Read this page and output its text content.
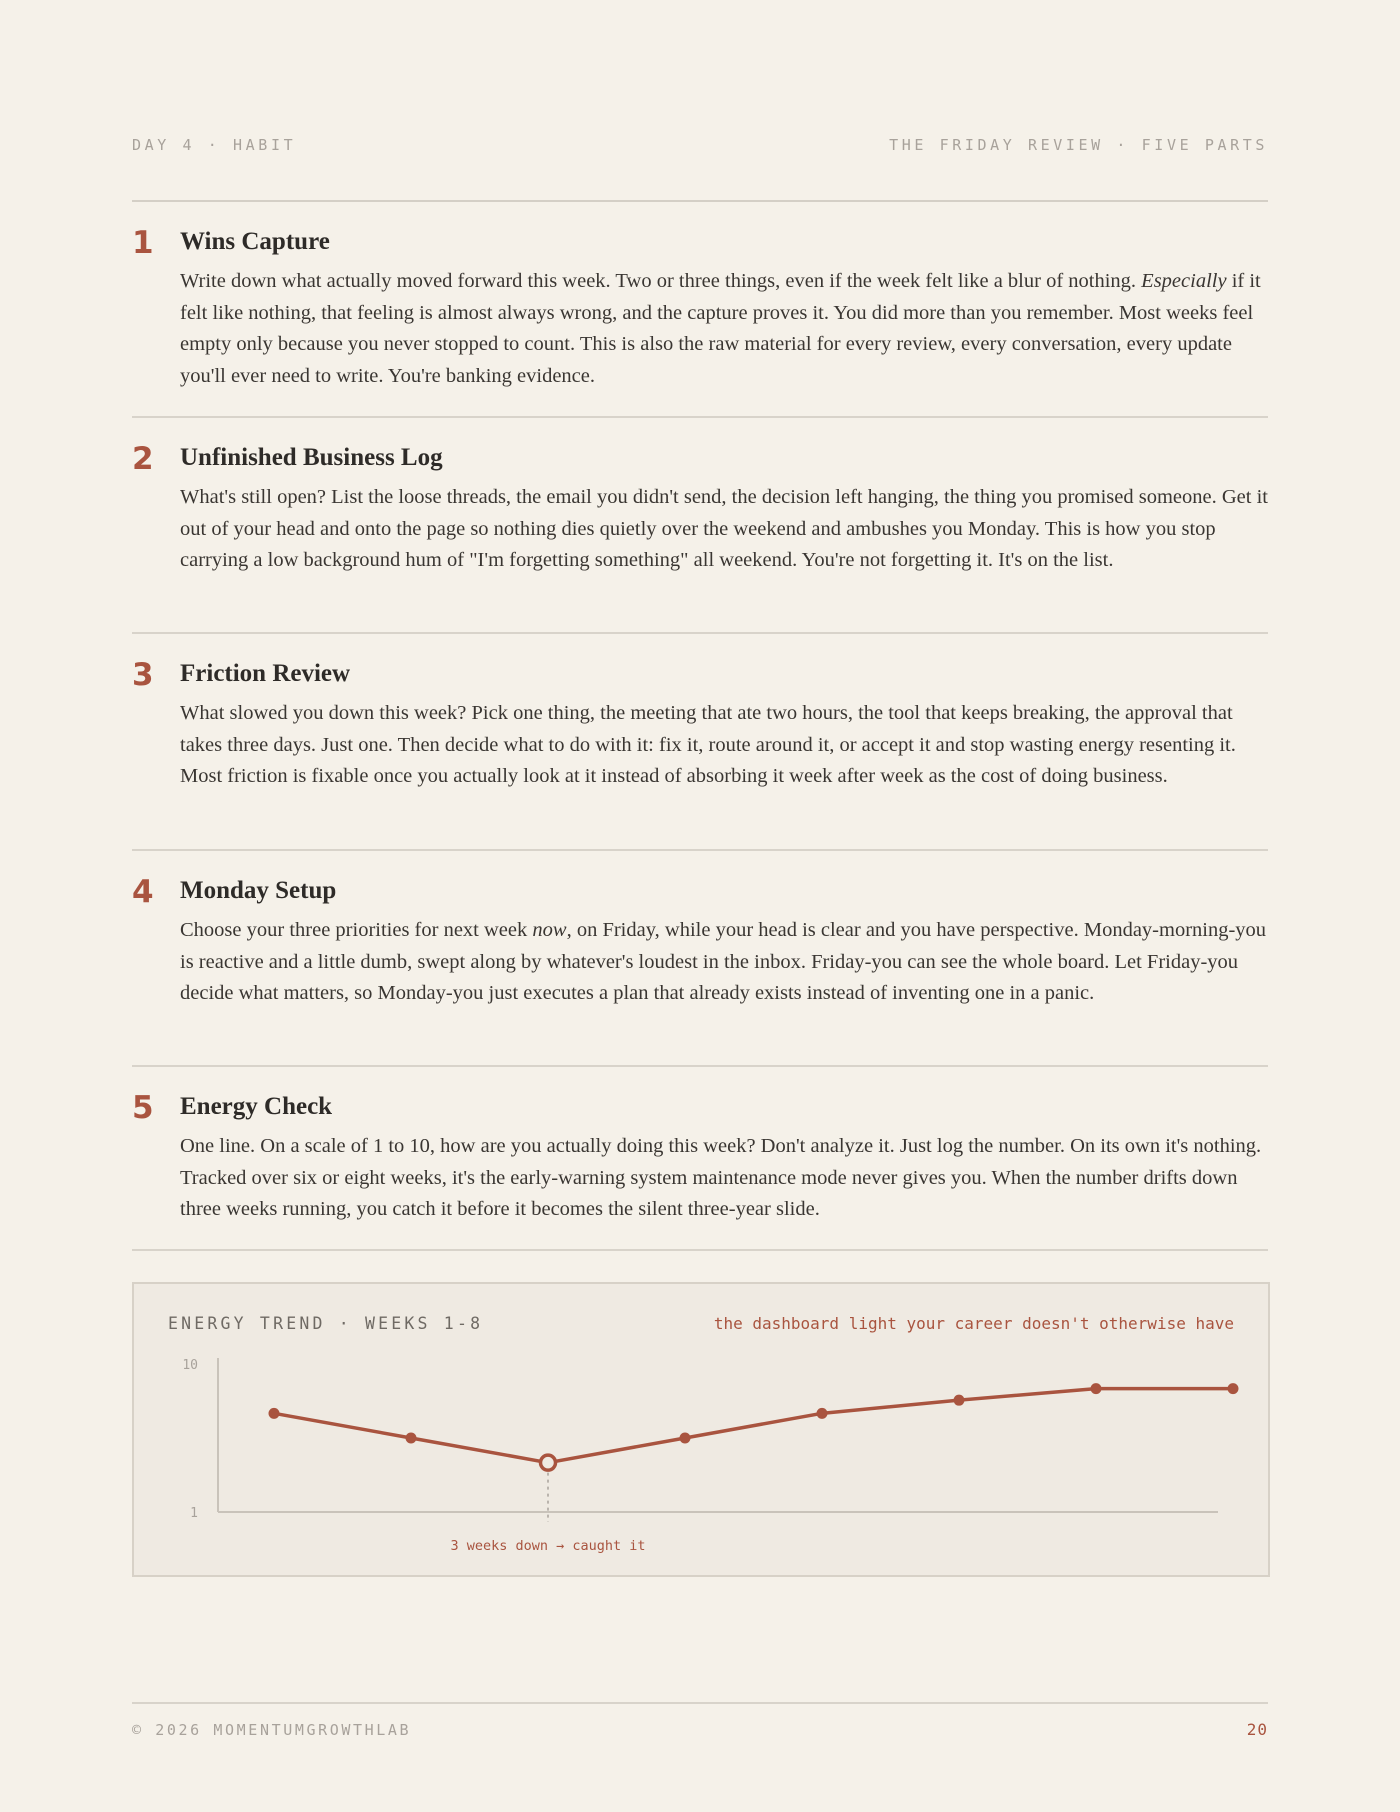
DAY 4 · HABIT	THE FRIDAY REVIEW · FIVE PARTS
1 Wins Capture
Write down what actually moved forward this week. Two or three things, even if the week felt like a blur of nothing. Especially if it felt like nothing, that feeling is almost always wrong, and the capture proves it. You did more than you remember. Most weeks feel empty only because you never stopped to count. This is also the raw material for every review, every conversation, every update you'll ever need to write. You're banking evidence.
2 Unfinished Business Log
What's still open? List the loose threads, the email you didn't send, the decision left hanging, the thing you promised someone. Get it out of your head and onto the page so nothing dies quietly over the weekend and ambushes you Monday. This is how you stop carrying a low background hum of "I'm forgetting something" all weekend. You're not forgetting it. It's on the list.
3 Friction Review
What slowed you down this week? Pick one thing, the meeting that ate two hours, the tool that keeps breaking, the approval that takes three days. Just one. Then decide what to do with it: fix it, route around it, or accept it and stop wasting energy resenting it. Most friction is fixable once you actually look at it instead of absorbing it week after week as the cost of doing business.
4 Monday Setup
Choose your three priorities for next week now, on Friday, while your head is clear and you have perspective. Monday-morning-you is reactive and a little dumb, swept along by whatever's loudest in the inbox. Friday-you can see the whole board. Let Friday-you decide what matters, so Monday-you just executes a plan that already exists instead of inventing one in a panic.
5 Energy Check
One line. On a scale of 1 to 10, how are you actually doing this week? Don't analyze it. Just log the number. On its own it's nothing. Tracked over six or eight weeks, it's the early-warning system maintenance mode never gives you. When the number drifts down three weeks running, you catch it before it becomes the silent three-year slide.
ENERGY TREND · WEEKS 1-8	the dashboard light your career doesn't otherwise have
10
1
3 weeks down → caught it
© 2026 MOMENTUMGROWTHLAB	20
